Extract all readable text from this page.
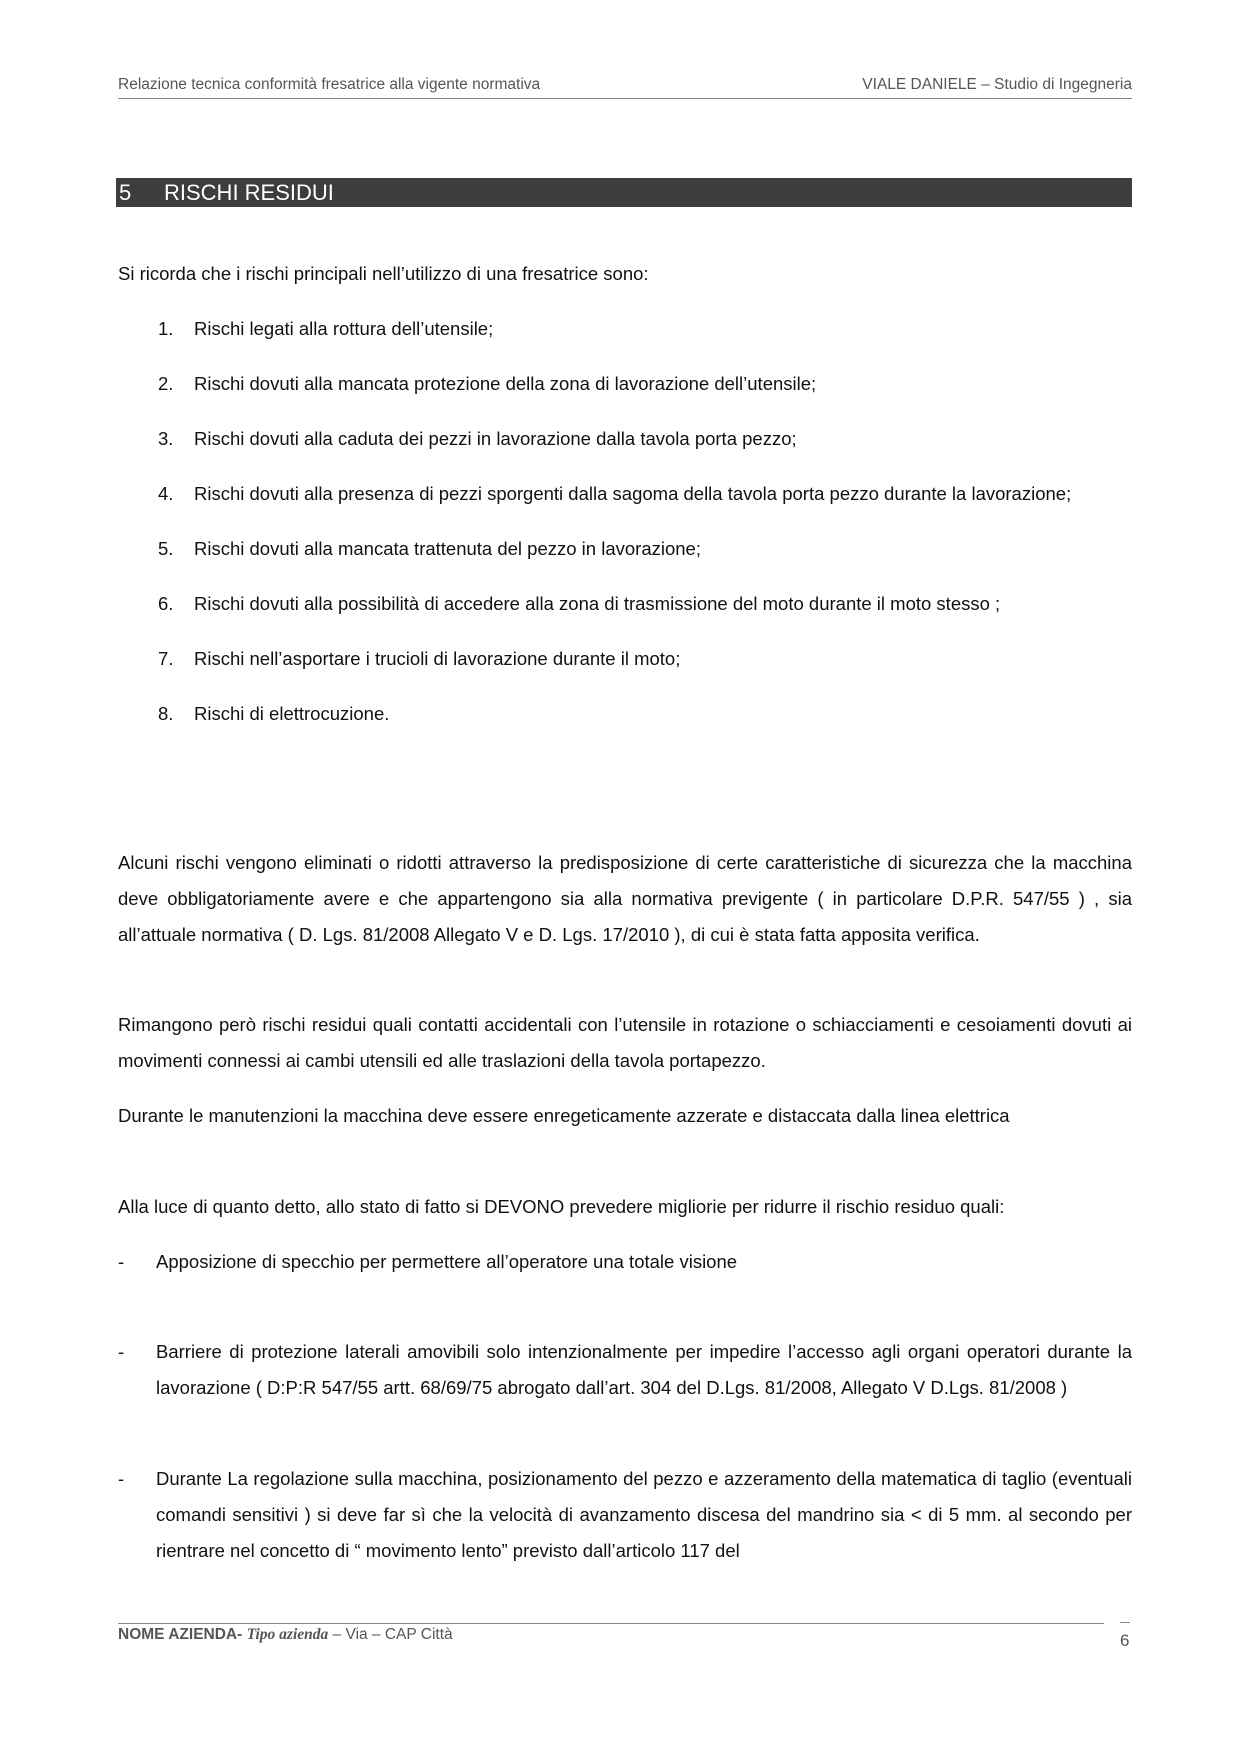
Relazione tecnica conformità fresatrice alla vigente normativa	VIALE DANIELE – Studio di Ingegneria
5 RISCHI RESIDUI

Si ricorda che i rischi principali nell’utilizzo di una fresatrice sono:

1. Rischi legati alla rottura dell’utensile;
2. Rischi dovuti alla mancata protezione della zona di lavorazione dell’utensile;
3. Rischi dovuti alla caduta dei pezzi in lavorazione dalla tavola porta pezzo;
4. Rischi dovuti alla presenza di pezzi sporgenti dalla sagoma della tavola porta pezzo durante la lavorazione;
5. Rischi dovuti alla mancata trattenuta del pezzo in lavorazione;
6. Rischi dovuti alla possibilità di accedere alla zona di trasmissione del moto durante il moto stesso ;
7. Rischi nell’asportare i trucioli di lavorazione durante il moto;
8. Rischi di elettrocuzione.

Alcuni rischi vengono eliminati o ridotti attraverso la predisposizione di certe caratteristiche di sicurezza che la macchina deve obbligatoriamente avere e che appartengono sia alla normativa previgente ( in particolare D.P.R. 547/55 ) , sia all’attuale normativa ( D. Lgs. 81/2008 Allegato V e D. Lgs. 17/2010 ), di cui è stata fatta apposita verifica.

Rimangono però rischi residui quali contatti accidentali con l’utensile in rotazione o schiacciamenti e cesoiamenti dovuti ai movimenti connessi ai cambi utensili ed alle traslazioni della tavola portapezzo.

Durante le manutenzioni la macchina deve essere enregeticamente azzerate e distaccata dalla linea elettrica

Alla luce di quanto detto, allo stato di fatto si DEVONO prevedere migliorie per ridurre il rischio residuo quali:

- Apposizione di specchio per permettere all’operatore una totale visione
- Barriere di protezione laterali amovibili solo intenzionalmente per impedire l’accesso agli organi operatori durante la lavorazione ( D:P:R 547/55 artt. 68/69/75 abrogato dall’art. 304 del D.Lgs. 81/2008, Allegato V D.Lgs. 81/2008 )
- Durante La regolazione sulla macchina, posizionamento del pezzo e azzeramento della matematica di taglio (eventuali comandi sensitivi ) si deve far sì che la velocità di avanzamento discesa del mandrino sia < di 5 mm. al secondo per rientrare nel concetto di “ movimento lento” previsto dall’articolo 117 del
NOME AZIENDA- Tipo azienda – Via – CAP Città	6
